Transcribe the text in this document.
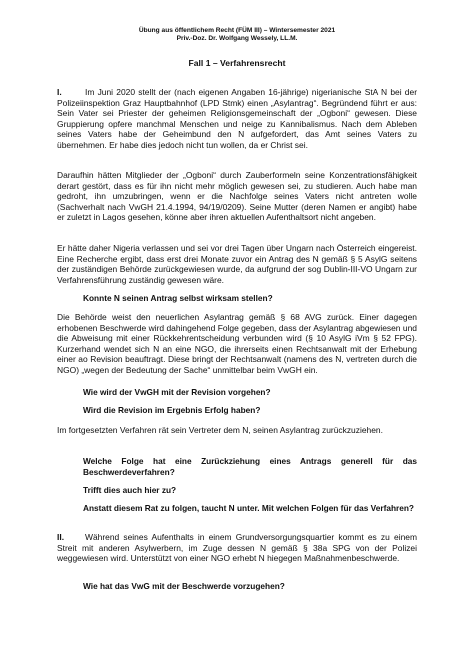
Übung aus öffentlichem Recht (FÜM III) – Wintersemester 2021
Priv.-Doz. Dr. Wolfgang Wessely, LL.M.
Fall 1 – Verfahrensrecht
I.	Im Juni 2020 stellt der (nach eigenen Angaben 16-jährige) nigerianische StA N bei der Polizeiinspektion Graz Hauptbahnhof (LPD Stmk) einen „Asylantrag“. Begründend führt er aus: Sein Vater sei Priester der geheimen Religionsgemeinschaft der „Ogboni“ gewesen. Diese Gruppierung opfere manchmal Menschen und neige zu Kannibalismus. Nach dem Ableben seines Vaters habe der Geheimbund den N aufgefordert, das Amt seines Vaters zu übernehmen. Er habe dies jedoch nicht tun wollen, da er Christ sei.
Daraufhin hätten Mitglieder der „Ogboni“ durch Zauberformeln seine Konzentrationsfähigkeit derart gestört, dass es für ihn nicht mehr möglich gewesen sei, zu studieren. Auch habe man gedroht, ihn umzubringen, wenn er die Nachfolge seines Vaters nicht antreten wolle (Sachverhalt nach VwGH 21.4.1994, 94/19/0209). Seine Mutter (deren Namen er angibt) habe er zuletzt in Lagos gesehen, könne aber ihren aktuellen Aufenthaltsort nicht angeben.
Er hätte daher Nigeria verlassen und sei vor drei Tagen über Ungarn nach Österreich eingereist. Eine Recherche ergibt, dass erst drei Monate zuvor ein Antrag des N gemäß § 5 AsylG seitens der zuständigen Behörde zurückgewiesen wurde, da aufgrund der sog Dublin-III-VO Ungarn zur Verfahrensführung zuständig gewesen wäre.
Konnte N seinen Antrag selbst wirksam stellen?
Die Behörde weist den neuerlichen Asylantrag gemäß § 68 AVG zurück. Einer dagegen erhobenen Beschwerde wird dahingehend Folge gegeben, dass der Asylantrag abgewiesen und die Abweisung mit einer Rückkehrentscheidung verbunden wird (§ 10 AsylG iVm § 52 FPG). Kurzerhand wendet sich N an eine NGO, die ihrerseits einen Rechtsanwalt mit der Erhebung einer ao Revision beauftragt. Diese bringt der Rechtsanwalt (namens des N, vertreten durch die NGO) „wegen der Bedeutung der Sache“ unmittelbar beim VwGH ein.
Wie wird der VwGH mit der Revision vorgehen?
Wird die Revision im Ergebnis Erfolg haben?
Im fortgesetzten Verfahren rät sein Vertreter dem N, seinen Asylantrag zurückzuziehen.
Welche Folge hat eine Zurückziehung eines Antrags generell für das Beschwerdeverfahren?
Trifft dies auch hier zu?
Anstatt diesem Rat zu folgen, taucht N unter. Mit welchen Folgen für das Verfahren?
II. Während seines Aufenthalts in einem Grundversorgungsquartier kommt es zu einem Streit mit anderen Asylwerbern, im Zuge dessen N gemäß § 38a SPG von der Polizei weggewiesen wird. Unterstützt von einer NGO erhebt N hiegegen Maßnahmenbeschwerde.
Wie hat das VwG mit der Beschwerde vorzugehen?
